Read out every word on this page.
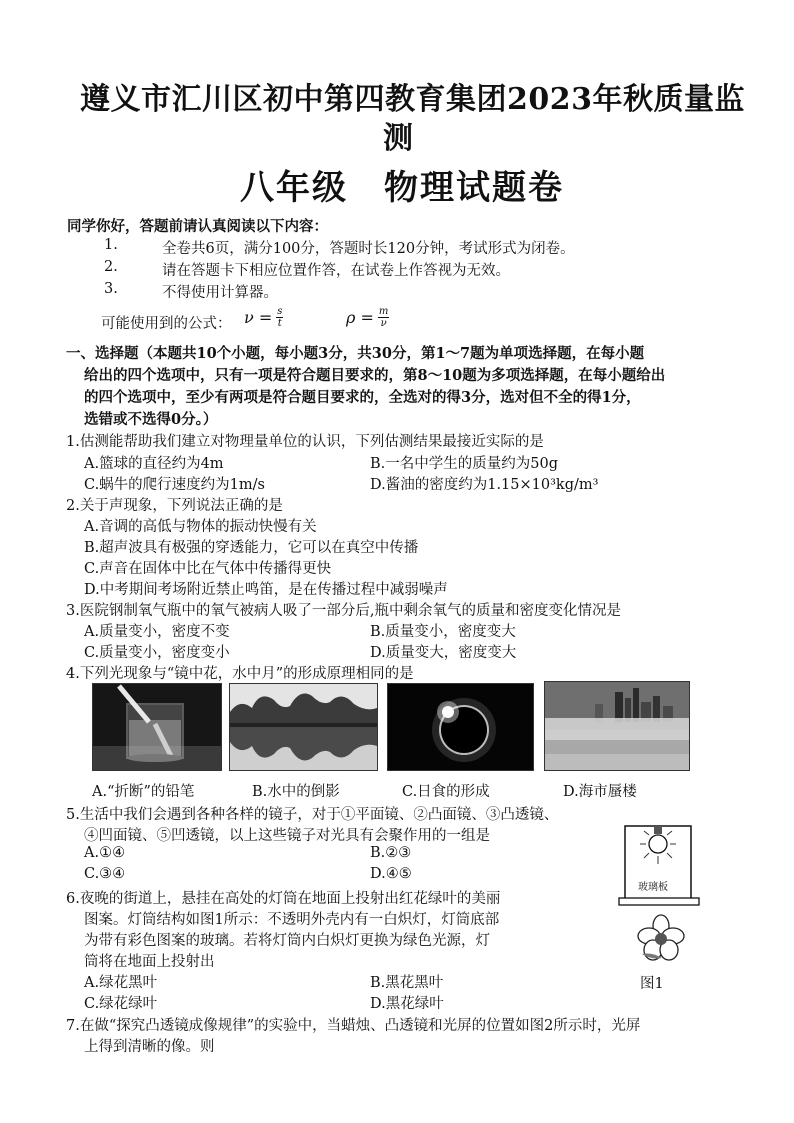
遵义市汇川区初中第四教育集团2023年秋质量监
测
八年级　物理试题卷
同学你好，答题前请认真阅读以下内容：
1.	全卷共6页，满分100分，答题时长120分钟，考试形式为闭卷。
2.	请在答题卡下相应位置作答，在试卷上作答视为无效。
3.	不得使用计算器。
可能使用到的公式： $\nu = \frac{s}{t}$	$\rho = \frac{m}{\nu}$
一、选择题（本题共10个小题，每小题3分，共30分，第1～7题为单项选择题，在每小题
给出的四个选项中，只有一项是符合题目要求的，第8～10题为多项选择题，在每小题给出
的四个选项中，至少有两项是符合题目要求的，全选对的得3分，选对但不全的得1分，
选错或不选得0分。）
1.估测能帮助我们建立对物理量单位的认识，下列估测结果最接近实际的是
A.篮球的直径约为4m	B.一名中学生的质量约为50g
C.蜗牛的爬行速度约为1m/s	D.酱油的密度约为1.15×10³kg/m³
2.关于声现象，下列说法正确的是
A.音调的高低与物体的振动快慢有关
B.超声波具有极强的穿透能力，它可以在真空中传播
C.声音在固体中比在气体中传播得更快
D.中考期间考场附近禁止鸣笛，是在传播过程中减弱噪声
3.医院钢制氧气瓶中的氧气被病人吸了一部分后,瓶中剩余氧气的质量和密度变化情况是
A.质量变小，密度不变	B.质量变小，密度变大
C.质量变小，密度变小	D.质量变大，密度变大
4.下列光现象与“镜中花，水中月”的形成原理相同的是
A.“折断”的铅笔	B.水中的倒影	C.日食的形成	D.海市蜃楼
5.生活中我们会遇到各种各样的镜子，对于①平面镜、②凸面镜、③凸透镜、
④凹面镜、⑤凹透镜，以上这些镜子对光具有会聚作用的一组是
A.①④	B.②③
C.③④	D.④⑤
6.夜晚的街道上，悬挂在高处的灯筒在地面上投射出红花绿叶的美丽
图案。灯筒结构如图1所示：不透明外壳内有一白炽灯，灯筒底部
为带有彩色图案的玻璃。若将灯筒内白炽灯更换为绿色光源，灯
筒将在地面上投射出
A.绿花黑叶	B.黑花黑叶
C.绿花绿叶	D.黑花绿叶
玻璃板
图1
7.在做“探究凸透镜成像规律”的实验中，当蜡烛、凸透镜和光屏的位置如图2所示时，光屏
上得到清晰的像。则
